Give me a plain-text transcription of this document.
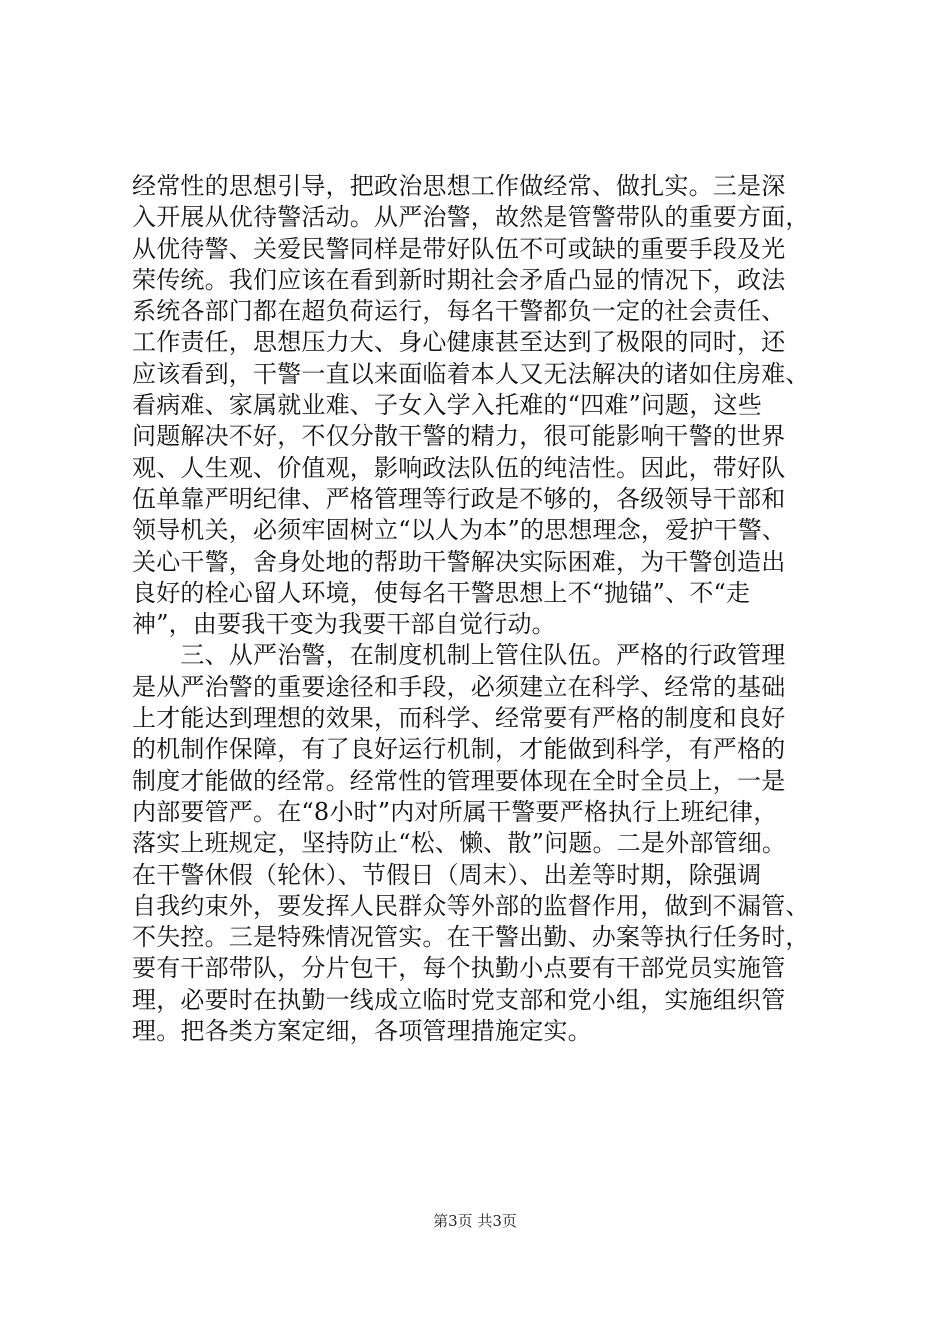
经常性的思想引导，把政治思想工作做经常、做扎实。三是深
入开展从优待警活动。从严治警，故然是管警带队的重要方面，
从优待警、关爱民警同样是带好队伍不可或缺的重要手段及光
荣传统。我们应该在看到新时期社会矛盾凸显的情况下，政法
系统各部门都在超负荷运行，每名干警都负一定的社会责任、
工作责任，思想压力大、身心健康甚至达到了极限的同时，还
应该看到，干警一直以来面临着本人又无法解决的诸如住房难、
看病难、家属就业难、子女入学入托难的“四难”问题，这些
问题解决不好，不仅分散干警的精力，很可能影响干警的世界
观、人生观、价值观，影响政法队伍的纯洁性。因此，带好队
伍单靠严明纪律、严格管理等行政是不够的，各级领导干部和
领导机关，必须牢固树立“以人为本”的思想理念，爱护干警、
关心干警，舍身处地的帮助干警解决实际困难，为干警创造出
良好的栓心留人环境，使每名干警思想上不“抛锚”、不“走
神”，由要我干变为我要干部自觉行动。
　　三、从严治警，在制度机制上管住队伍。严格的行政管理
是从严治警的重要途径和手段，必须建立在科学、经常的基础
上才能达到理想的效果，而科学、经常要有严格的制度和良好
的机制作保障，有了良好运行机制，才能做到科学，有严格的
制度才能做的经常。经常性的管理要体现在全时全员上，一是
内部要管严。在“8小时”内对所属干警要严格执行上班纪律，
落实上班规定，坚持防止“松、懒、散”问题。二是外部管细。
在干警休假（轮休）、节假日（周末）、出差等时期，除强调
自我约束外，要发挥人民群众等外部的监督作用，做到不漏管、
不失控。三是特殊情况管实。在干警出勤、办案等执行任务时，
要有干部带队，分片包干，每个执勤小点要有干部党员实施管
理，必要时在执勤一线成立临时党支部和党小组，实施组织管
理。把各类方案定细，各项管理措施定实。
第3页 共3页
